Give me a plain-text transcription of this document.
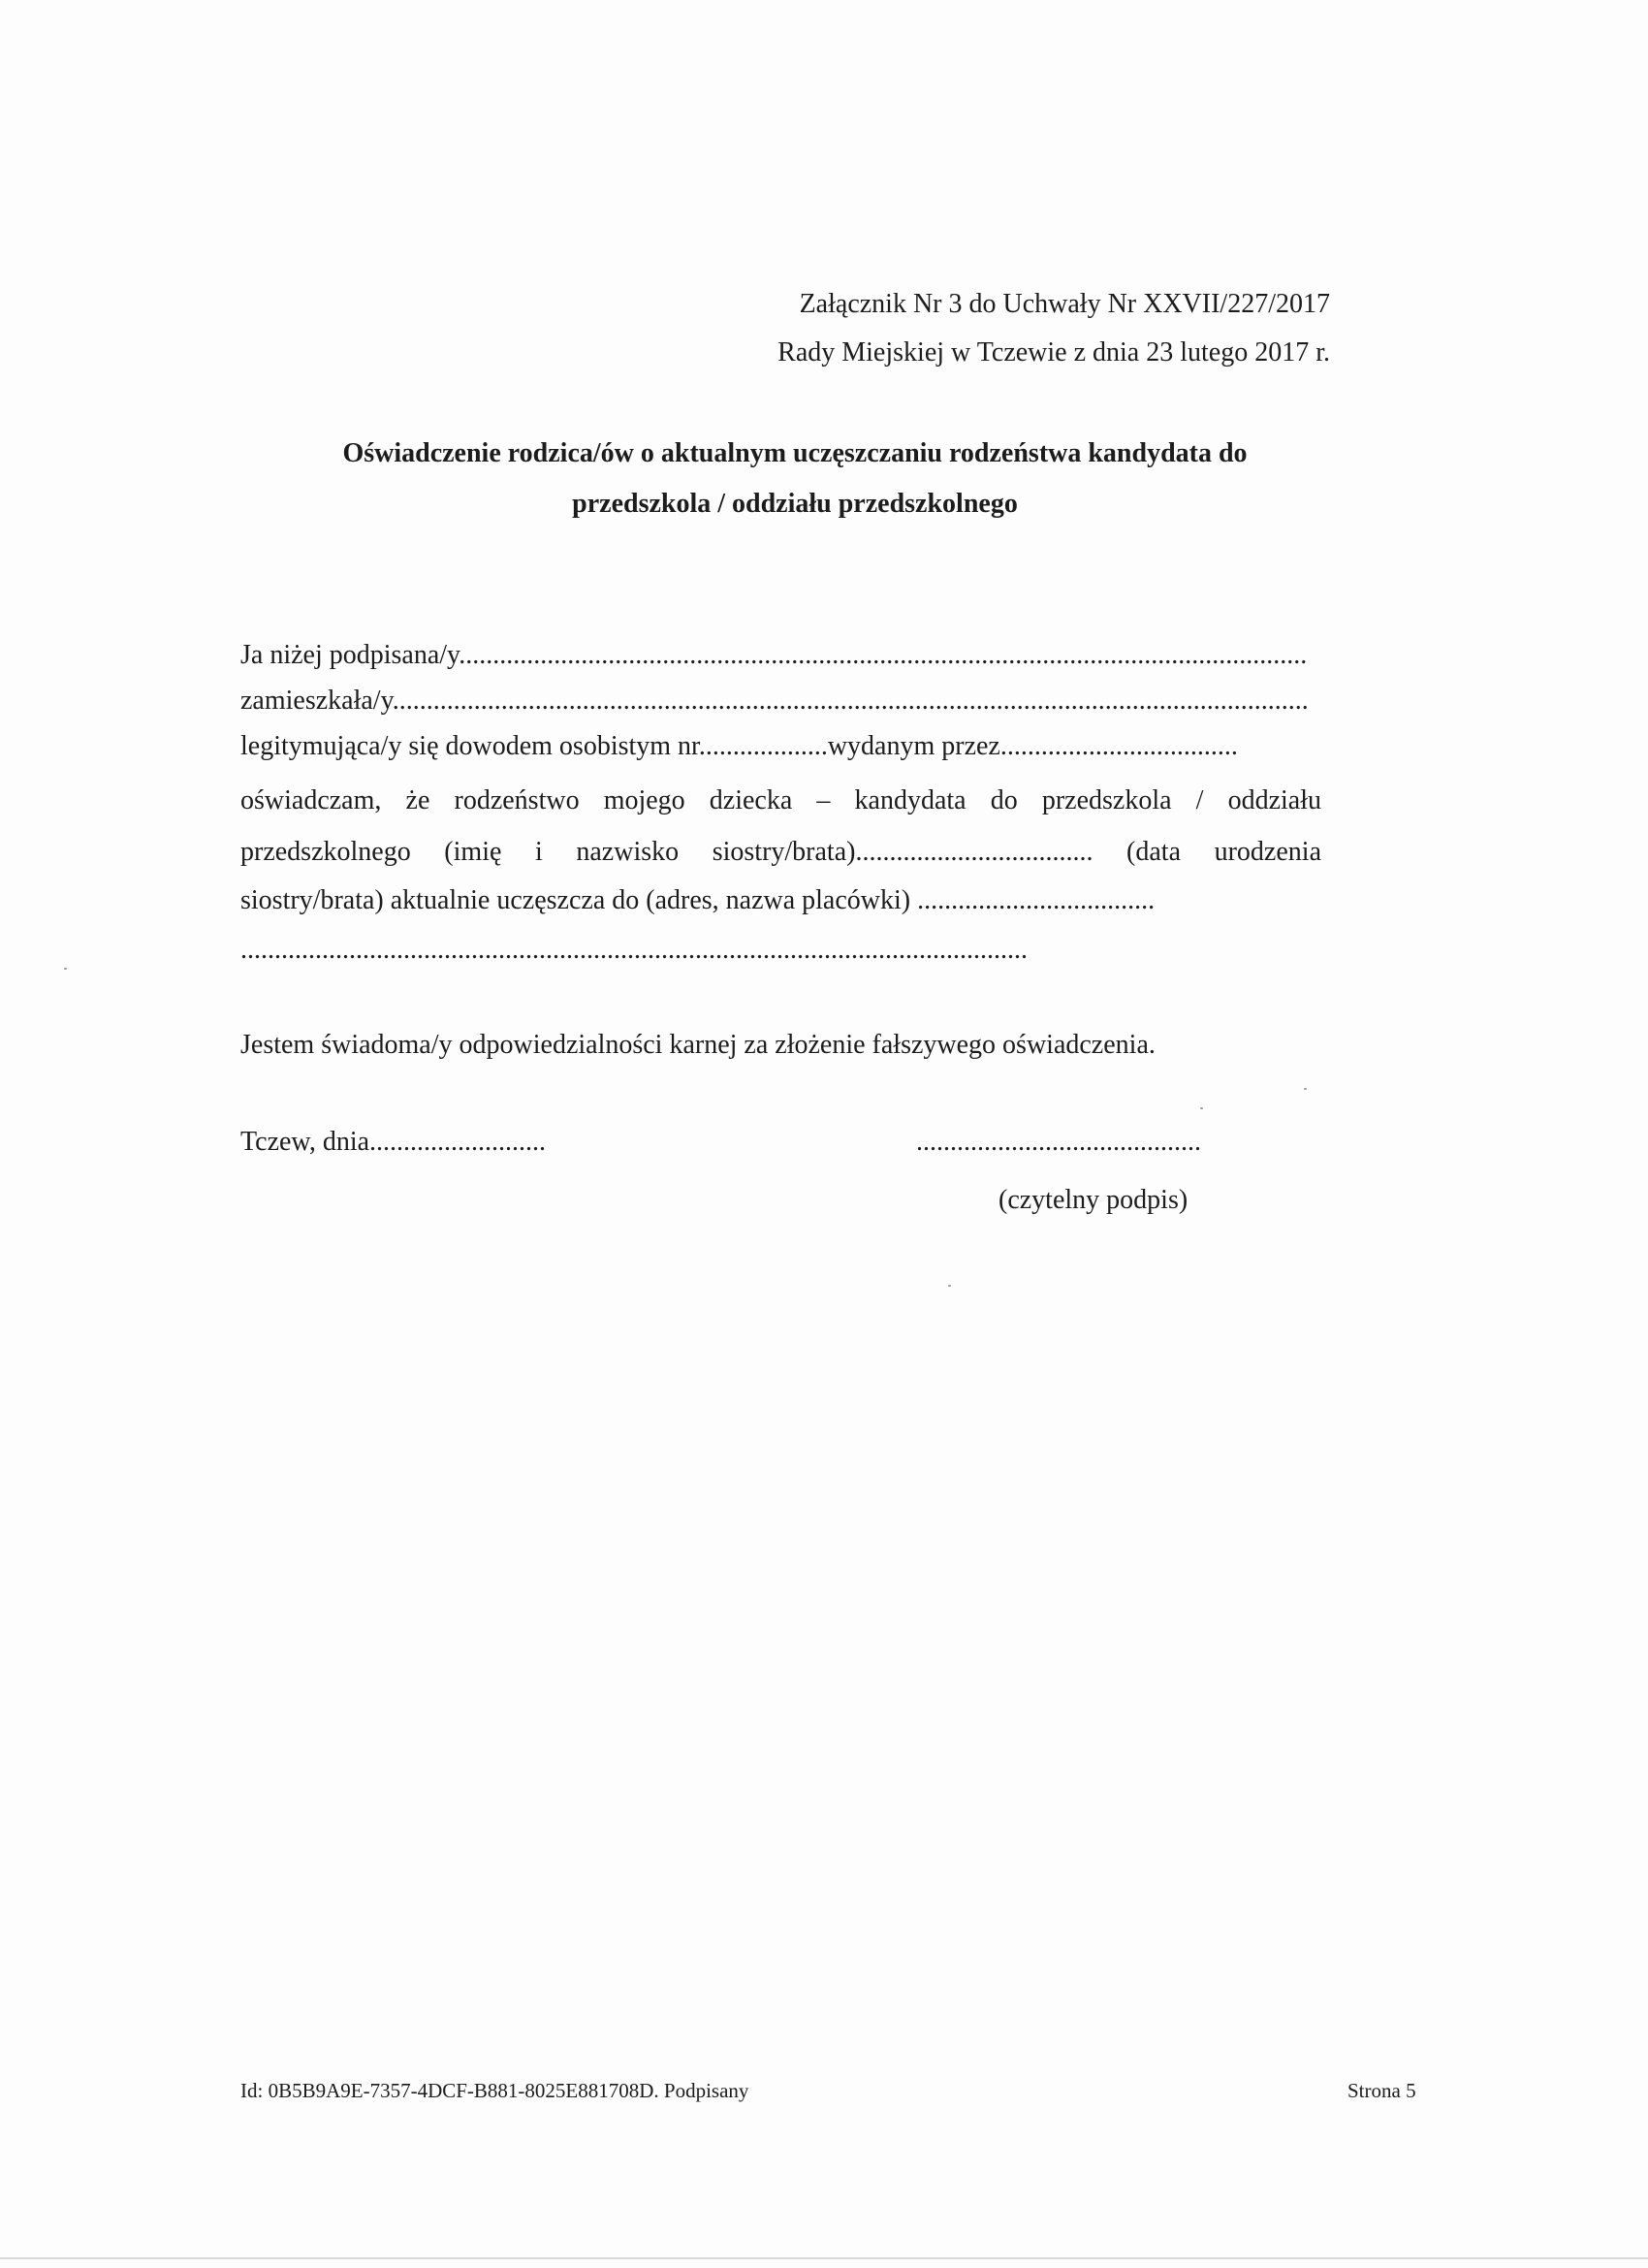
Załącznik Nr 3 do Uchwały Nr XXVII/227/2017
Rady Miejskiej w Tczewie z dnia 23 lutego 2017 r.
Oświadczenie rodzica/ów o aktualnym uczęszczaniu rodzeństwa kandydata do
przedszkola / oddziału przedszkolnego
Ja niżej podpisana/y.............................................................................................................................
zamieszkała/y.......................................................................................................................................
legitymująca/y się dowodem osobistym nr...................wydanym przez...................................
oświadczam, że rodzeństwo mojego dziecka – kandydata do przedszkola / oddziału
przedszkolnego (imię i nazwisko siostry/brata)................................... (data urodzenia
siostry/brata) aktualnie uczęszcza do (adres, nazwa placówki) ...................................
....................................................................................................................
Jestem świadoma/y odpowiedzialności karnej za złożenie fałszywego oświadczenia.
Tczew, dnia..........................	..........................................
(czytelny podpis)
Id: 0B5B9A9E-7357-4DCF-B881-8025E881708D. Podpisany	Strona 5
